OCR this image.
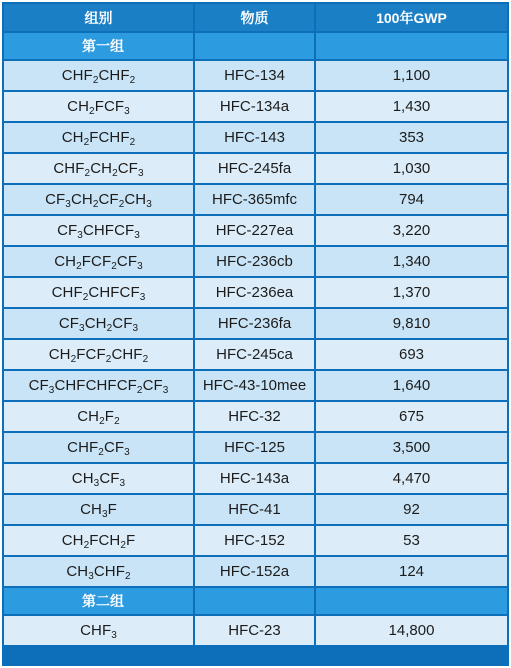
组别	物质	100年GWP
第一组		
$CHF_2CHF_2$	HFC-134	1,100
$CH_2FCF_3$	HFC-134a	1,430
$CH_2FCHF_2$	HFC-143	353
$CHF_2CH_2CF_3$	HFC-245fa	1,030
$CF_3CH_2CF_2CH_3$	HFC-365mfc	794
$CF_3CHFCF_3$	HFC-227ea	3,220
$CH_2FCF_2CF_3$	HFC-236cb	1,340
$CHF_2CHFCF_3$	HFC-236ea	1,370
$CF_3CH_2CF_3$	HFC-236fa	9,810
$CH_2FCF_2CHF_2$	HFC-245ca	693
$CF_3CHFCHFCF_2CF_3$	HFC-43-10mee	1,640
$CH_2F_2$	HFC-32	675
$CHF_2CF_3$	HFC-125	3,500
$CH_3CF_3$	HFC-143a	4,470
$CH_3F$	HFC-41	92
$CH_2FCH_2F$	HFC-152	53
$CH_3CHF_2$	HFC-152a	124
第二组		
$CHF_3$	HFC-23	14,800
